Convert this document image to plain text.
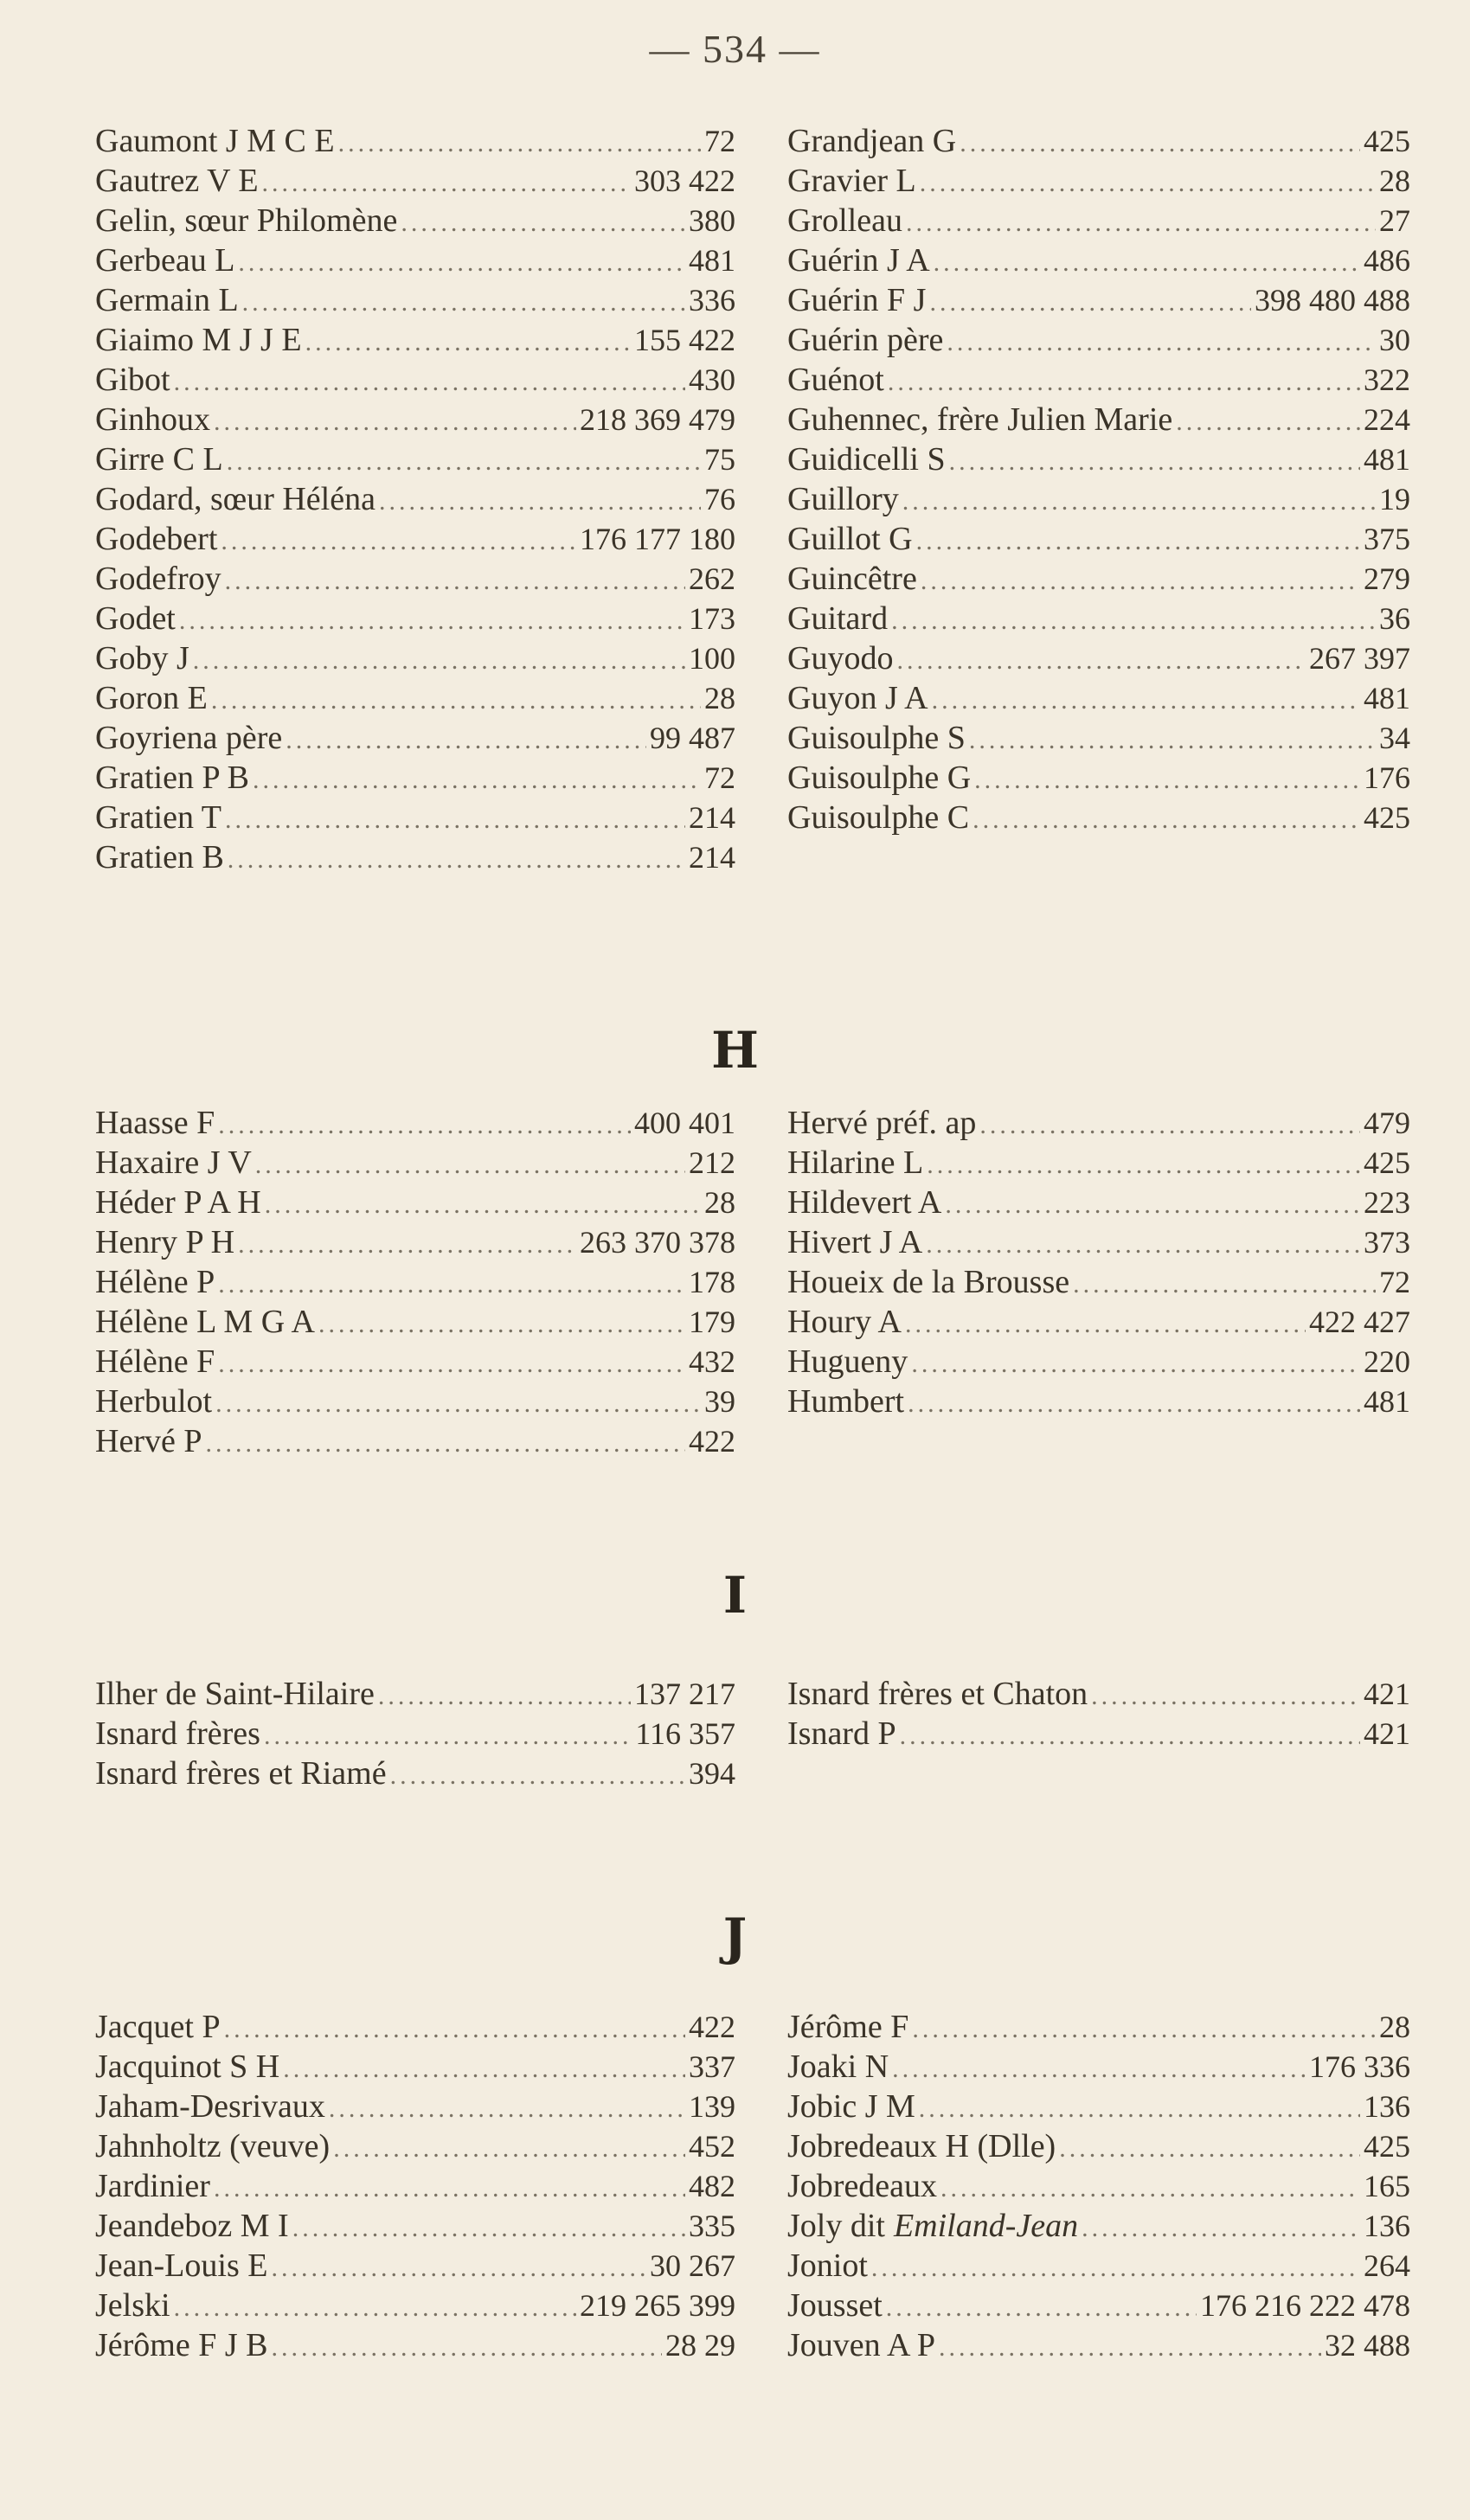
— 534 —
Gaumont J M C E .....	72
Gautrez V E .....	303 422
Gelin, sœur Philomène .....	380
Gerbeau L .....	481
Germain L .....	336
Giaimo M J J E .....	155 422
Gibot .....	430
Ginhoux .....	218 369 479
Girre C L .....	75
Godard, sœur Héléna .....	76
Godebert .....	176 177 180
Godefroy .....	262
Godet .....	173
Goby J .....	100
Goron E .....	28
Goyriena père .....	99 487
Gratien P B .....	72
Gratien T .....	214
Gratien B .....	214
Grandjean G .....	425
Gravier L .....	28
Grolleau .....	27
Guérin J A .....	486
Guérin F J .....	398 480 488
Guérin père .....	30
Guénot .....	322
Guhennec, frère Julien Marie .....	224
Guidicelli S .....	481
Guillory .....	19
Guillot G .....	375
Guincêtre .....	279
Guitard .....	36
Guyodo .....	267 397
Guyon J A .....	481
Guisoulphe S .....	34
Guisoulphe G .....	176
Guisoulphe C .....	425
H
Haasse F .....	400 401
Haxaire J V .....	212
Héder P A H .....	28
Henry P H .....	263 370 378
Hélène P .....	178
Hélène L M G A .....	179
Hélène F .....	432
Herbulot .....	39
Hervé P .....	422
Hervé préf. ap .....	479
Hilarine L .....	425
Hildevert A .....	223
Hivert J A .....	373
Houeix de la Brousse .....	72
Houry A .....	422 427
Hugueny .....	220
Humbert .....	481
I
Ilher de Saint-Hilaire .....	137 217
Isnard frères .....	116 357
Isnard frères et Riamé .....	394
Isnard frères et Chaton .....	421
Isnard P .....	421
J
Jacquet P .....	422
Jacquinot S H .....	337
Jaham-Desrivaux .....	139
Jahnholtz (veuve) .....	452
Jardinier .....	482
Jeandeboz M I .....	335
Jean-Louis E .....	30 267
Jelski .....	219 265 399
Jérôme F J B .....	28 29
Jérôme F .....	28
Joaki N .....	176 336
Jobic J M .....	136
Jobredeaux H (Dlle) .....	425
Jobredeaux .....	165
Joly dit Emiland-Jean .....	136
Joniot .....	264
Jousset .....	176 216 222 478
Jouven A P .....	32 488
